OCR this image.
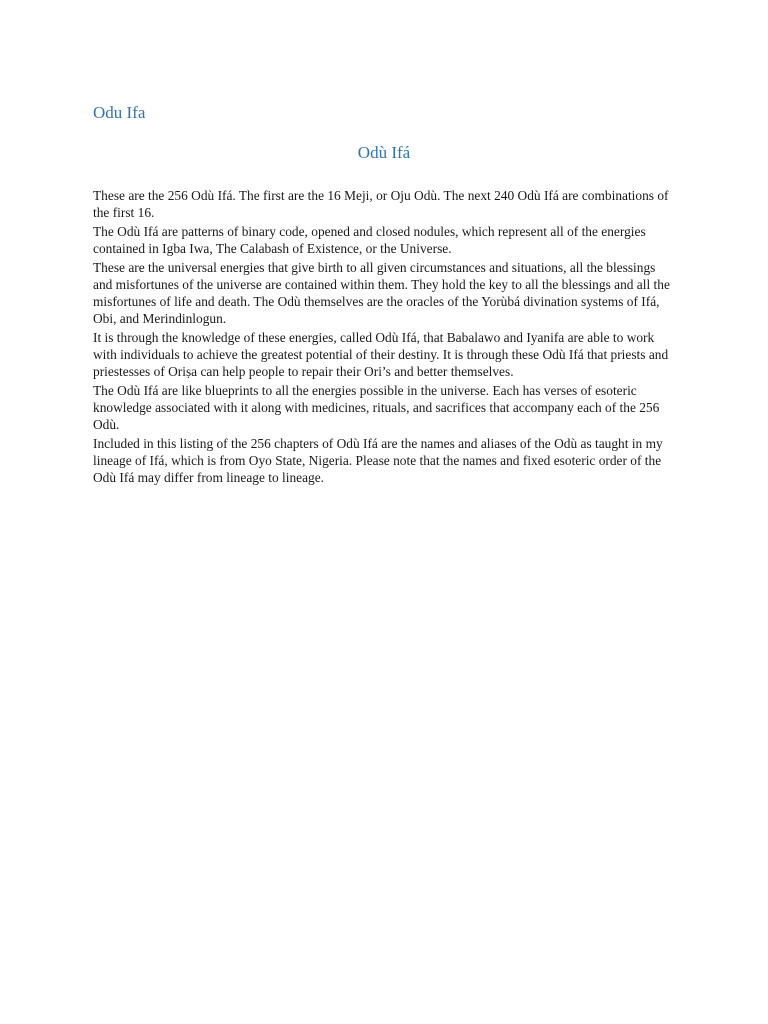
Odu Ifa
Odù Ifá

These are the 256 Odù Ifá. The first are the 16 Meji, or Oju Odù. The next 240 Odù Ifá are combinations of the first 16.

The Odù Ifá are patterns of binary code, opened and closed nodules, which represent all of the energies contained in Igba Iwa, The Calabash of Existence, or the Universe.

These are the universal energies that give birth to all given circumstances and situations, all the blessings and misfortunes of the universe are contained within them. They hold the key to all the blessings and all the misfortunes of life and death. The Odù themselves are the oracles of the Yorùbá divination systems of Ifá, Obi, and Merindinlogun.

It is through the knowledge of these energies, called Odù Ifá, that Babalawo and Iyanifa are able to work with individuals to achieve the greatest potential of their destiny. It is through these Odù Ifá that priests and priestesses of Oriṣa can help people to repair their Ori’s and better themselves.

The Odù Ifá are like blueprints to all the energies possible in the universe. Each has verses of esoteric knowledge associated with it along with medicines, rituals, and sacrifices that accompany each of the 256 Odù.

Included in this listing of the 256 chapters of Odù Ifá are the names and aliases of the Odù as taught in my lineage of Ifá, which is from Oyo State, Nigeria. Please note that the names and fixed esoteric order of the Odù Ifá may differ from lineage to lineage.
